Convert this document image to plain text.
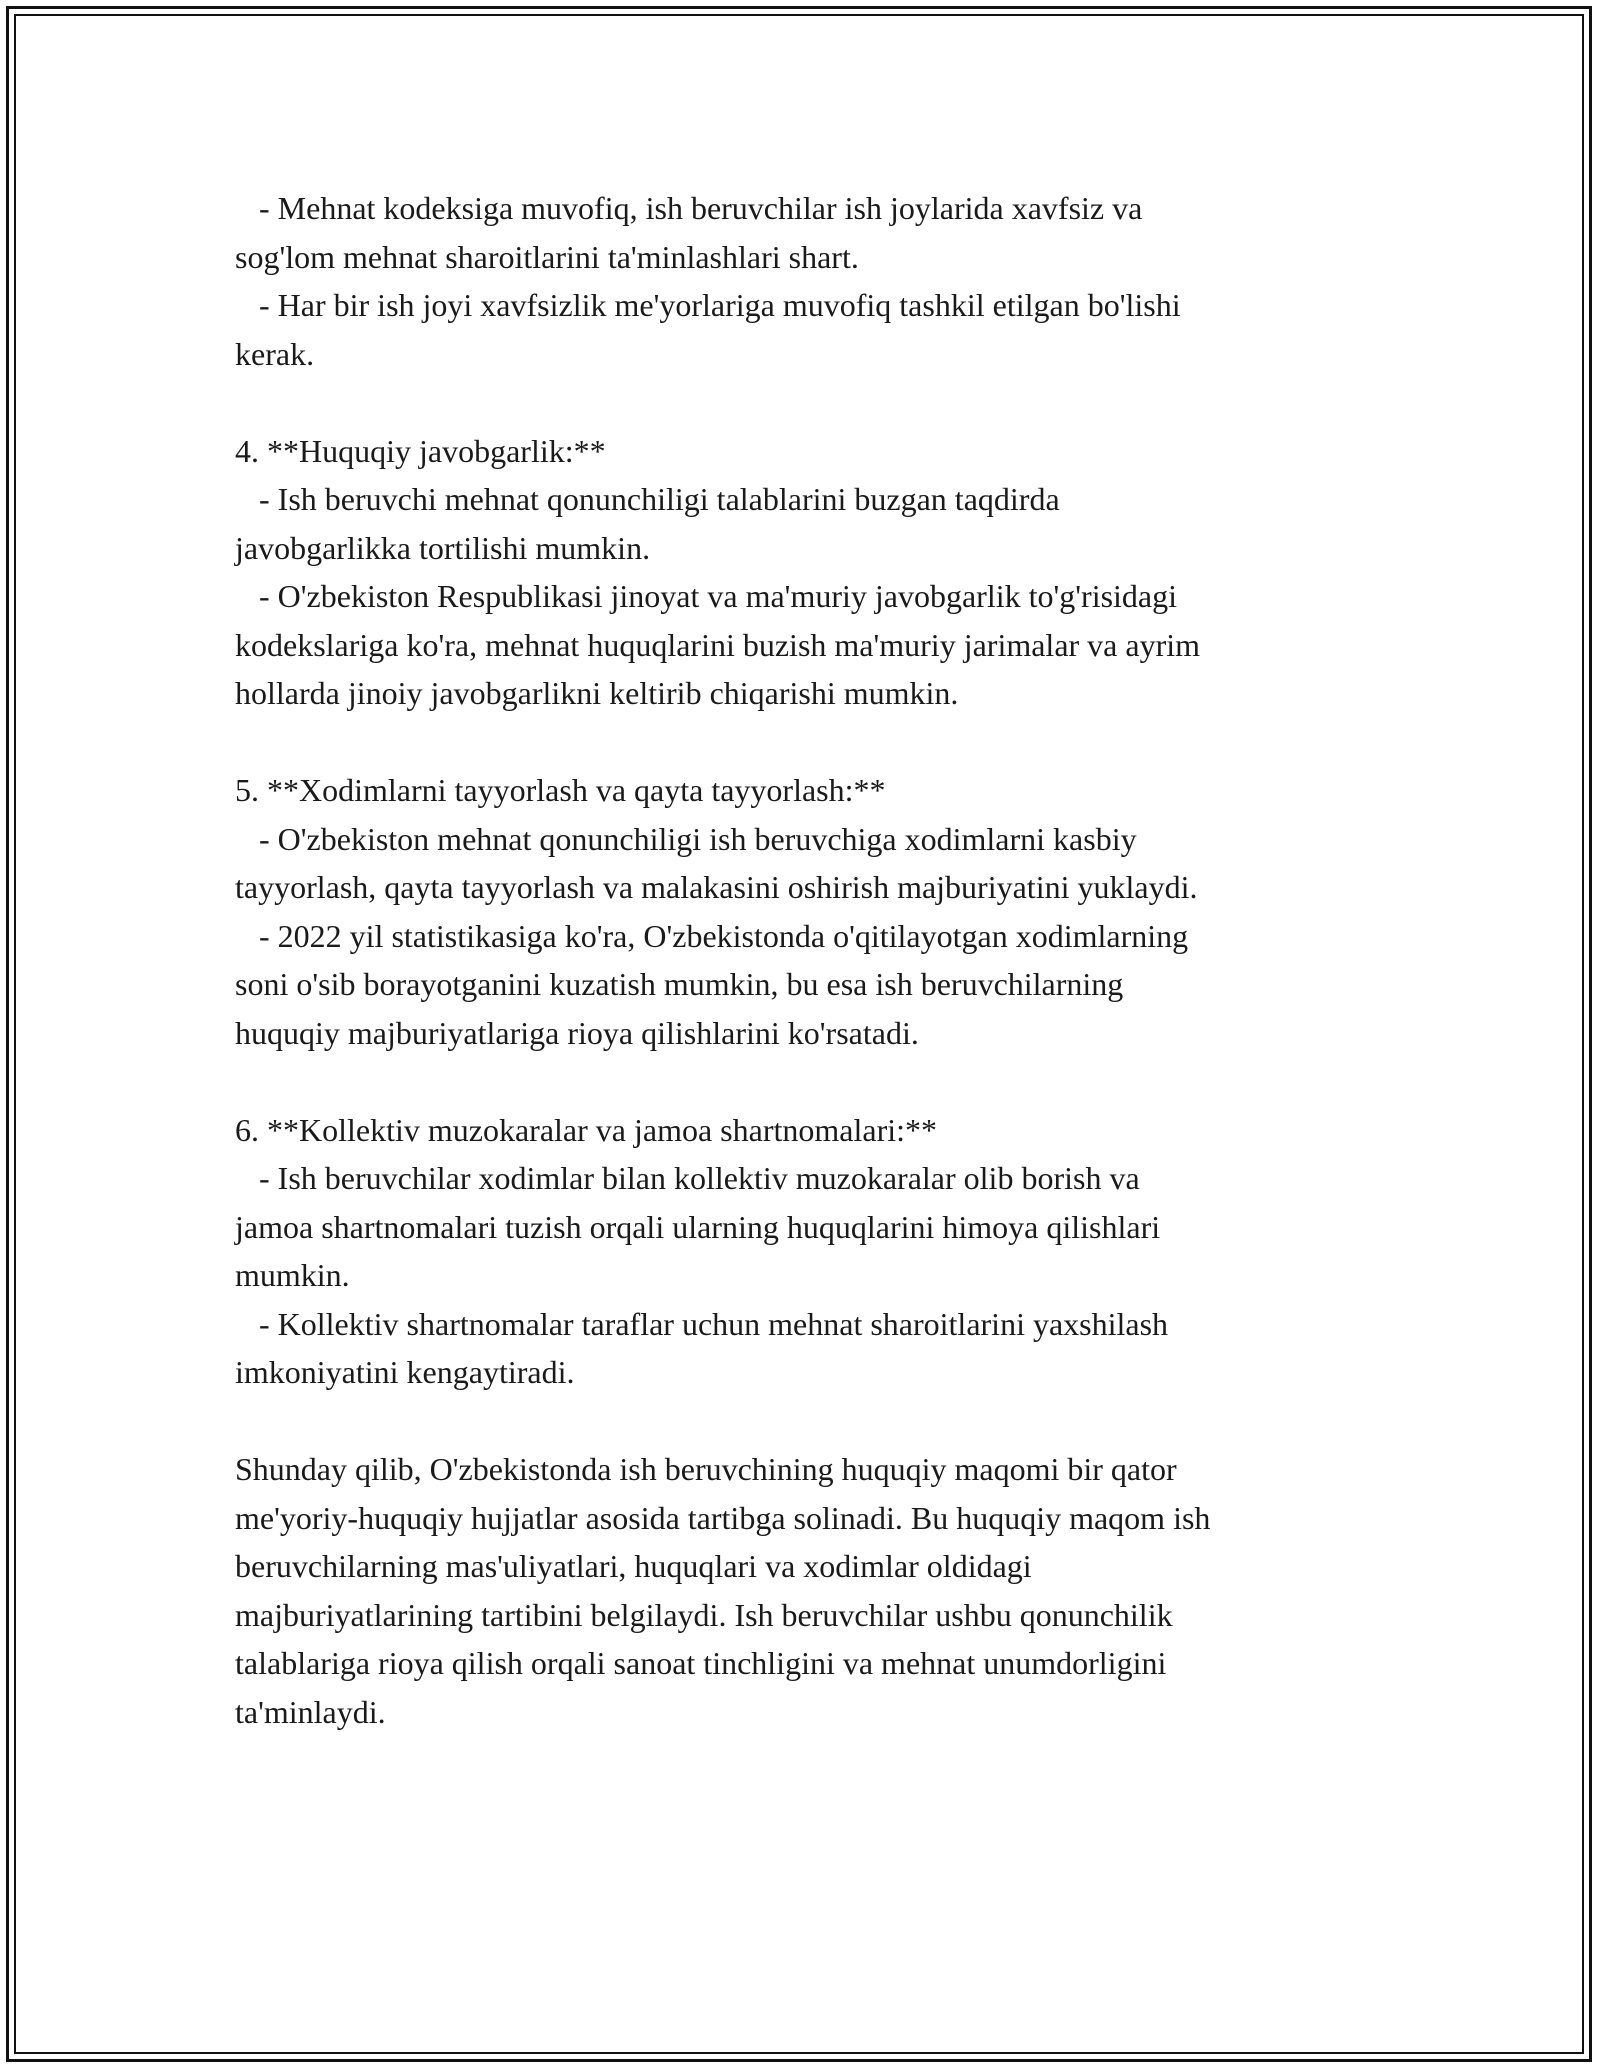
- Mehnat kodeksiga muvofiq, ish beruvchilar ish joylarida xavfsiz va
sog'lom mehnat sharoitlarini ta'minlashlari shart.
- Har bir ish joyi xavfsizlik me'yorlariga muvofiq tashkil etilgan bo'lishi
kerak.
4. **Huquqiy javobgarlik:**
- Ish beruvchi mehnat qonunchiligi talablarini buzgan taqdirda
javobgarlikka tortilishi mumkin.
- O'zbekiston Respublikasi jinoyat va ma'muriy javobgarlik to'g'risidagi
kodekslariga ko'ra, mehnat huquqlarini buzish ma'muriy jarimalar va ayrim
hollarda jinoiy javobgarlikni keltirib chiqarishi mumkin.
5. **Xodimlarni tayyorlash va qayta tayyorlash:**
- O'zbekiston mehnat qonunchiligi ish beruvchiga xodimlarni kasbiy
tayyorlash, qayta tayyorlash va malakasini oshirish majburiyatini yuklaydi.
- 2022 yil statistikasiga ko'ra, O'zbekistonda o'qitilayotgan xodimlarning
soni o'sib borayotganini kuzatish mumkin, bu esa ish beruvchilarning
huquqiy majburiyatlariga rioya qilishlarini ko'rsatadi.
6. **Kollektiv muzokaralar va jamoa shartnomalari:**
- Ish beruvchilar xodimlar bilan kollektiv muzokaralar olib borish va
jamoa shartnomalari tuzish orqali ularning huquqlarini himoya qilishlari
mumkin.
- Kollektiv shartnomalar taraflar uchun mehnat sharoitlarini yaxshilash
imkoniyatini kengaytiradi.
Shunday qilib, O'zbekistonda ish beruvchining huquqiy maqomi bir qator
me'yoriy-huquqiy hujjatlar asosida tartibga solinadi. Bu huquqiy maqom ish
beruvchilarning mas'uliyatlari, huquqlari va xodimlar oldidagi
majburiyatlarining tartibini belgilaydi. Ish beruvchilar ushbu qonunchilik
talablariga rioya qilish orqali sanoat tinchligini va mehnat unumdorligini
ta'minlaydi.
